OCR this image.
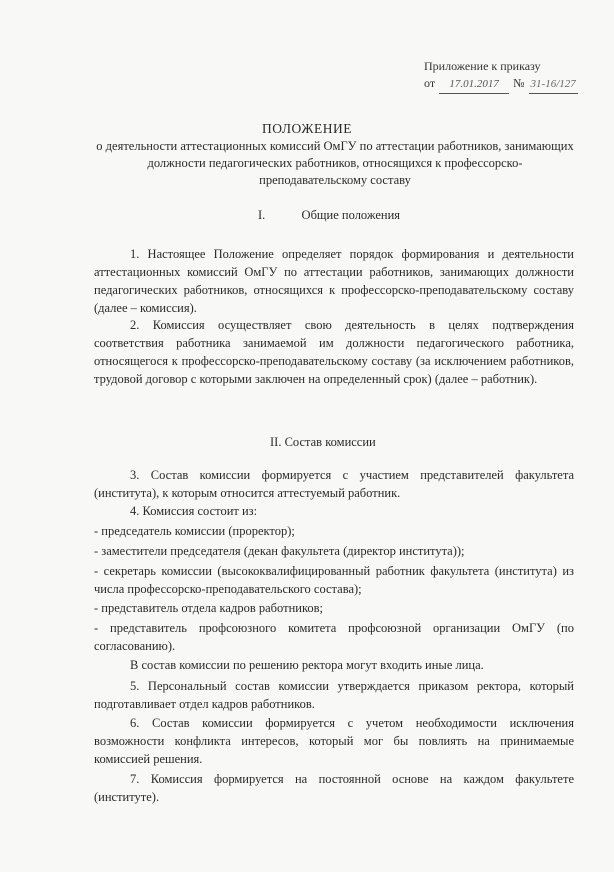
Приложение к приказу
от	17.01.2017	№ 31-16/127
ПОЛОЖЕНИЕ
о деятельности аттестационных комиссий ОмГУ по аттестации работников, занимающих должности педагогических работников, относящихся к профессорско-преподавательскому составу
I.	Общие положения
1. Настоящее Положение определяет порядок формирования и деятельности аттестационных комиссий ОмГУ по аттестации работников, занимающих должности педагогических работников, относящихся к профессорско-преподавательскому составу (далее – комиссия).
2. Комиссия осуществляет свою деятельность в целях подтверждения соответствия работника занимаемой им должности педагогического работника, относящегося к профессорско-преподавательскому составу (за исключением работников, трудовой договор с которыми заключен на определенный срок) (далее – работник).
II. Состав комиссии
3. Состав комиссии формируется с участием представителей факультета (института), к которым относится аттестуемый работник.
4. Комиссия состоит из:
- председатель комиссии (проректор);
- заместители председателя (декан факультета (директор института));
- секретарь комиссии (высококвалифицированный работник факультета (института) из числа профессорско-преподавательского состава);
- представитель отдела кадров работников;
- представитель профсоюзного комитета профсоюзной организации ОмГУ (по согласованию).
В состав комиссии по решению ректора могут входить иные лица.
5. Персональный состав комиссии утверждается приказом ректора, который подготавливает отдел кадров работников.
6. Состав комиссии формируется с учетом необходимости исключения возможности конфликта интересов, который мог бы повлиять на принимаемые комиссией решения.
7. Комиссия формируется на постоянной основе на каждом факультете (институте).
